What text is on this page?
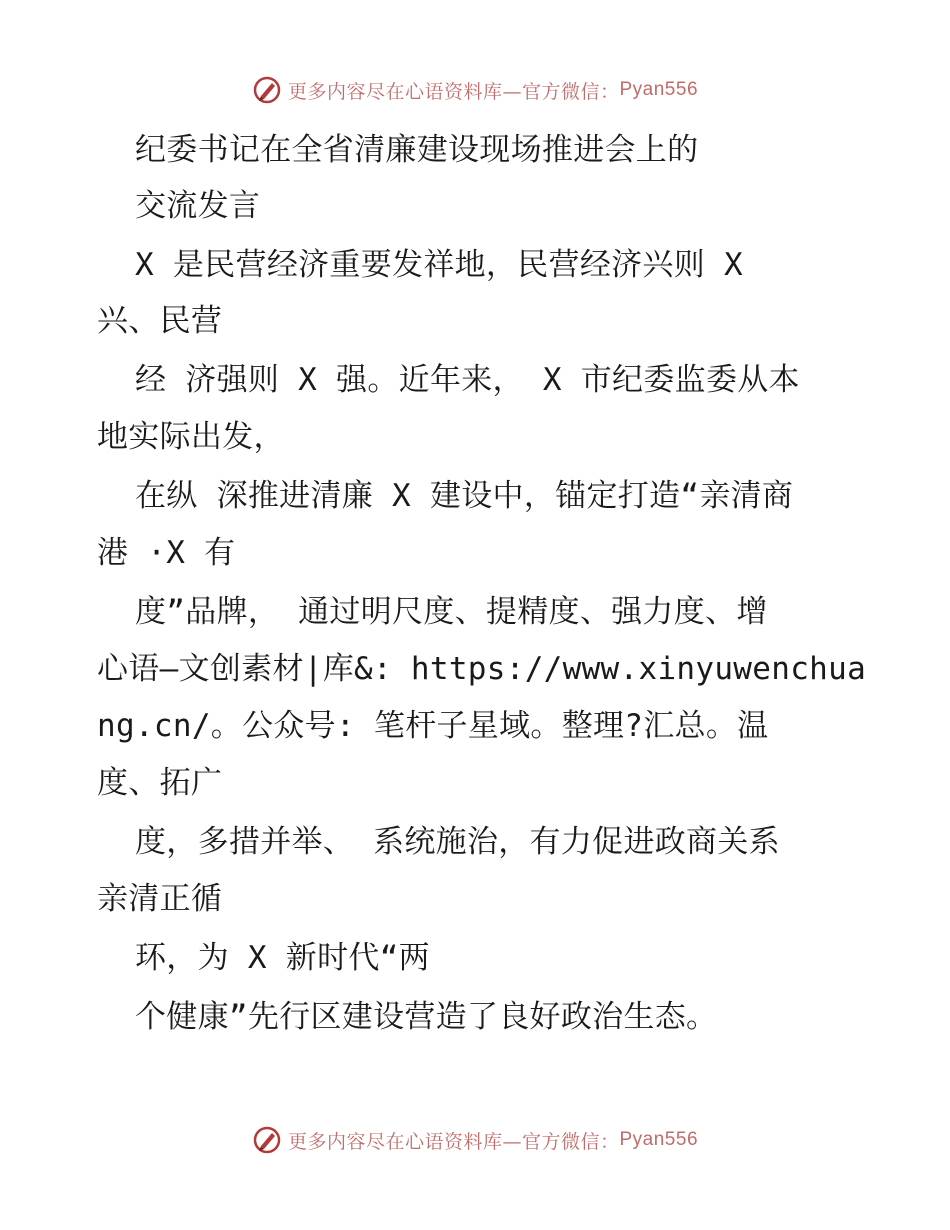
更多内容尽在心语资料库—官方微信： Pyan556
纪委书记在全省清廉建设现场推进会上的
交流发言
X 是民营经济重要发祥地，民营经济兴则 X
兴、民营
经 济强则 X 强。近年来， X 市纪委监委从本
地实际出发，
在纵 深推进清廉 X 建设中，锚定打造“亲清商
港 ·X 有
度”品牌， 通过明尺度、提精度、强力度、增
心语—文创素材|库&: https://www.xinyuwenchua
ng.cn/。公众号: 笔杆子星域。整理?汇总。温
度、拓广
度，多措并举、 系统施治，有力促进政商关系
亲清正循
环，为 X 新时代“两
个健康”先行区建设营造了良好政治生态。
更多内容尽在心语资料库—官方微信： Pyan556
